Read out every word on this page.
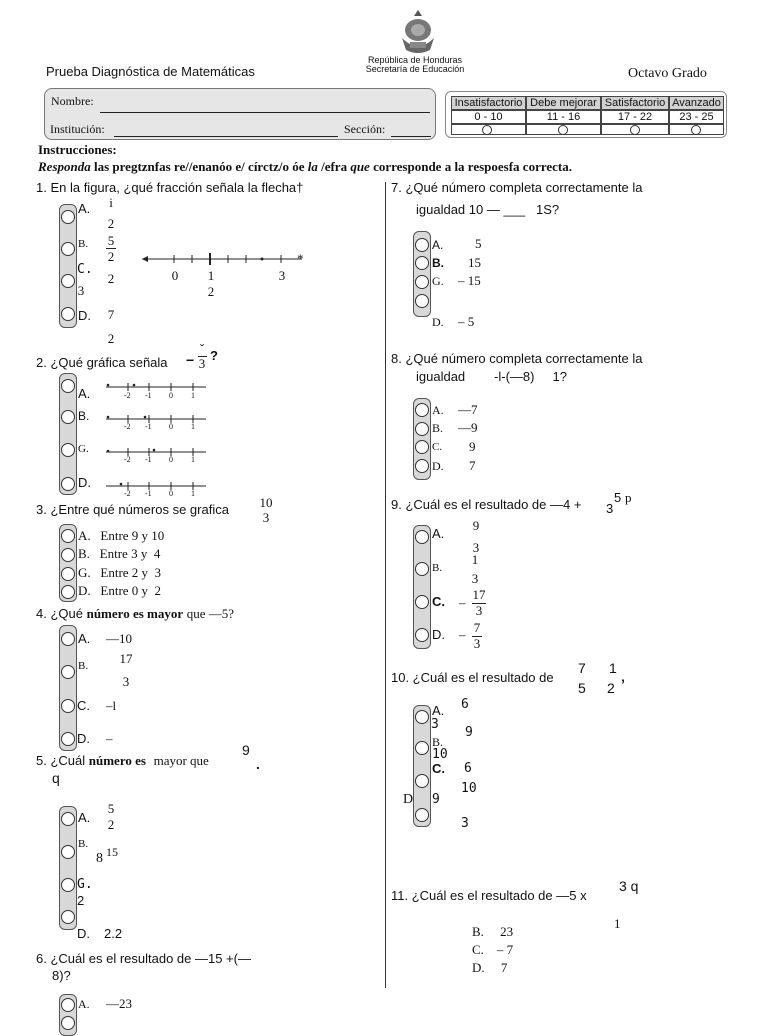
República de Honduras
Secretaría de Educación
Prueba Diagnóstica de Matemáticas	Octavo Grado
Nombre:
Institución:	Sección:
Insatisfactorio Debe mejorar Satisfactorio Avanzado
0 - 10	11 - 16	17 - 22	23 - 25
Instrucciones:
Responda las pregtznfas re//enanóo e/ círctz/o óe la /efra que corresponde a la respoesfa correcta.
1. En la figura, ¿qué fracción señala la flecha†
A.
B.
C.
D.
i
2
5
2
3
2
7
2
*
0 1
2
3
2. ¿Qué gráfica señala −
ˇ
3
?
A.
B.
G.
D.
-2 -1 0 1
-2 -1 0 1
-2 -1 0 1
-2 -1 0 1
3. ¿Entre qué números se grafica 10
3
A. Entre 9 y 10
B. Entre 3 y  4
G. Entre 2 y  3
D. Entre 0 y  2
4. ¿Qué número es mayor que —5?
A.
B.
C.
D.
—10
17
3
–l
–
5. ¿Cuál número es mayor que
9
.
q
A.
B.
G.
D.
5
2
8 15
2
2.2
6. ¿Cuál es el resultado de —15 +(—
8)?
A. —23
7. ¿Qué número completa correctamente la
igualdad 10 — ___   1S?
A.
B.
G.
D.
5
15
– 15
– 5
8. ¿Qué número completa correctamente la
igualdad        -l-(—8)     1?
A.
B.
C.
D.
—7
—9
9
7
9. ¿Cuál es el resultado de —4 +	5 p
3
A.
B.
C.
D.
9
3
1
3
–
17
3
– 7
3
10. ¿Cuál es el resultado de
7
5
1
2 ’
A.
3
B.
10
C.
D 9
6
9
6
10
3
11. ¿Cuál es el resultado de —5 x
3 q
1
B. 23
C. – 7
D. 7
